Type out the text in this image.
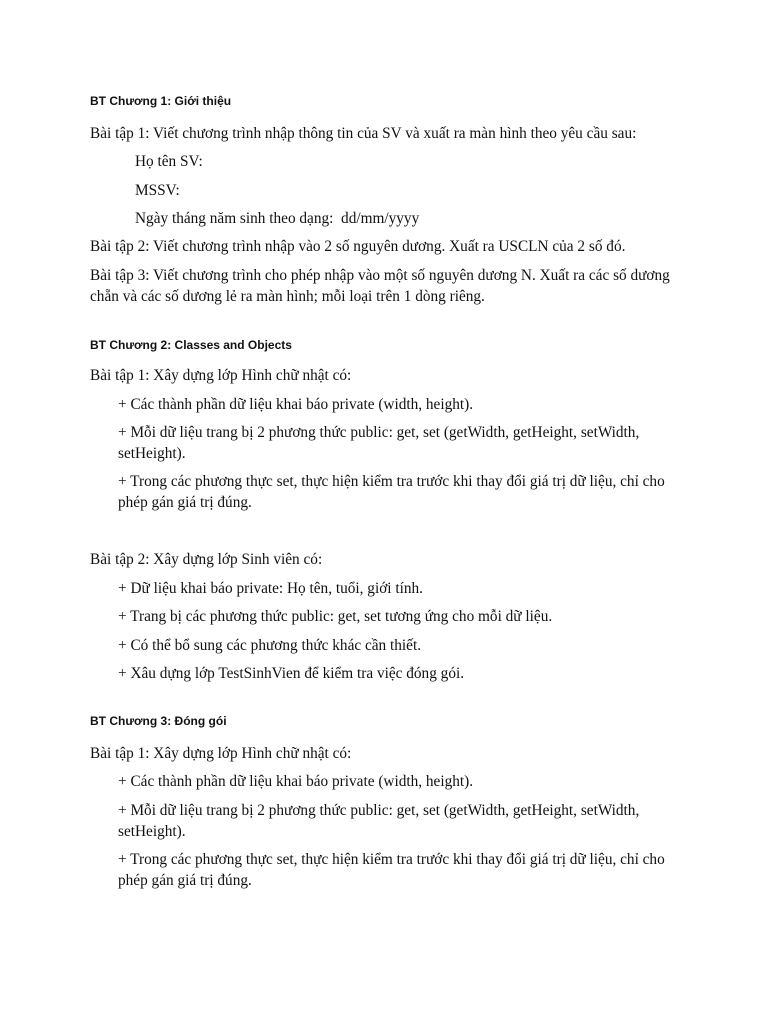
BT Chương 1: Giới thiệu
Bài tập 1: Viết chương trình nhập thông tin của SV và xuất ra màn hình theo yêu cầu sau:
Họ tên SV:
MSSV:
Ngày tháng năm sinh theo dạng:  dd/mm/yyyy
Bài tập 2: Viết chương trình nhập vào 2 số nguyên dương. Xuất ra USCLN của 2 số đó.
Bài tập 3: Viết chương trình cho phép nhập vào một số nguyên dương N. Xuất ra các số dương chẵn và các số dương lẻ ra màn hình; mỗi loại trên 1 dòng riêng.
BT Chương 2: Classes and Objects
Bài tập 1: Xây dựng lớp Hình chữ nhật có:
+ Các thành phần dữ liệu khai báo private (width, height).
+ Mỗi dữ liệu trang bị 2 phương thức public: get, set (getWidth, getHeight, setWidth, setHeight).
+ Trong các phương thực set, thực hiện kiểm tra trước khi thay đổi giá trị dữ liệu, chỉ cho phép gán giá trị đúng.
Bài tập 2: Xây dựng lớp Sinh viên có:
+ Dữ liệu khai báo private: Họ tên, tuổi, giới tính.
+ Trang bị các phương thức public: get, set tương ứng cho mỗi dữ liệu.
+ Có thể bổ sung các phương thức khác cần thiết.
+ Xâu dựng lớp TestSinhVien để kiểm tra việc đóng gói.
BT Chương 3: Đóng gói
Bài tập 1: Xây dựng lớp Hình chữ nhật có:
+ Các thành phần dữ liệu khai báo private (width, height).
+ Mỗi dữ liệu trang bị 2 phương thức public: get, set (getWidth, getHeight, setWidth, setHeight).
+ Trong các phương thực set, thực hiện kiểm tra trước khi thay đổi giá trị dữ liệu, chỉ cho phép gán giá trị đúng.
